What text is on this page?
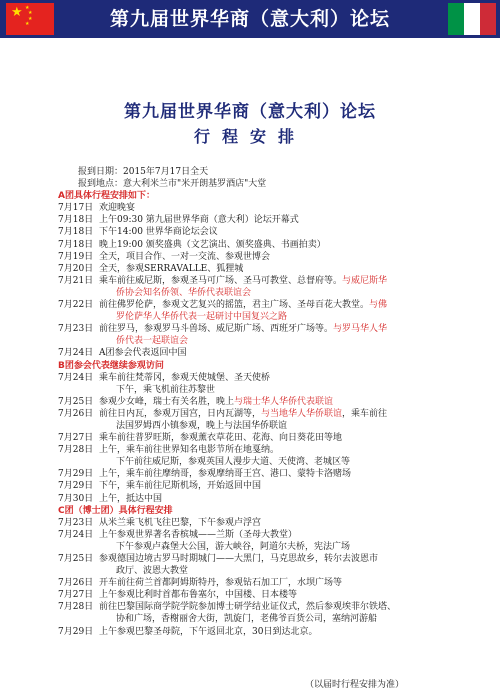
★ ★
★
★
★	第九届世界华商（意大利）论坛
第九届世界华商（意大利）论坛
行程安排
报到日期：2015年7月17日全天
报到地点：意大利米兰市"米开朗基罗酒店"大堂
A团具体行程安排如下：
7月17日 欢迎晚宴
7月18日 上午09:30 第九届世界华商（意大利）论坛开幕式
7月18日 下午14:00 世界华商论坛会议
7月18日 晚上19:00 颁奖盛典（文艺演出、颁奖盛典、书画拍卖）
7月19日 全天，项目合作、一对一交流、参观世博会
7月20日 全天，参观SERRAVALLE、狐狸城
7月21日 乘车前往威尼斯，参观圣马可广场、圣马可教堂、总督府等。与威尼斯华
侨协会知名侨领、华侨代表联谊会
7月22日 前往佛罗伦萨，参观文艺复兴的摇篮，君主广场、圣母百花大教堂。与佛
罗伦萨华人华侨代表一起研讨中国复兴之路
7月23日 前往罗马，参观罗马斗兽场、威尼斯广场、西班牙广场等。与罗马华人华
侨代表一起联谊会
7月24日 A团参会代表返回中国
B团参会代表继续参观访问
7月24日 乘车前往梵蒂冈，参观天使城堡、圣天使桥
下午，乘飞机前往苏黎世
7月25日 参观少女峰，瑞士有关名胜，晚上与瑞士华人华侨代表联谊
7月26日 前往日内瓦，参观万国宫，日内瓦湖等，与当地华人华侨联谊，乘车前往
法国罗姆西小镇参观，晚上与法国华侨联谊
7月27日 乘车前往普罗旺斯，参观薰衣草花田、花海、向日葵花田等地
7月28日 上午，乘车前往世界知名电影节所在地戛纳。
下午前往威尼斯，参观英国人漫步大道、天使湾、老城区等
7月29日 上午，乘车前往摩纳哥，参观摩纳哥王宫、港口、蒙特卡洛赌场
7月29日 下午，乘车前往尼斯机场，开始返回中国
7月30日 上午，抵达中国
C团（博士团）具体行程安排
7月23日 从米兰乘飞机飞往巴黎，下午参观卢浮宫
7月24日 上午参观世界著名香槟城——兰斯（圣母大教堂）
下午参观卢森堡大公国，游大峡谷，阿道尔夫桥，宪法广场
7月25日 参观德国边境古罗马时期城门——大黑门，马克思故乡，转尔去波恩市
政厅、波恩大教堂
7月26日 开车前往荷兰首都阿姆斯特丹，参观钻石加工厂，水坝广场等
7月27日 上午参观比利时首都布鲁塞尔，中国楼、日本楼等
7月28日 前往巴黎国际商学院学院参加博士研学结业证仪式，然后参观埃菲尔铁塔、
协和广场，香榭丽舍大街，凯旋门，老佛爷百货公司，塞纳河游船
7月29日 上午参观巴黎圣母院，下午返回北京，30日到达北京。
（以届时行程安排为准）
